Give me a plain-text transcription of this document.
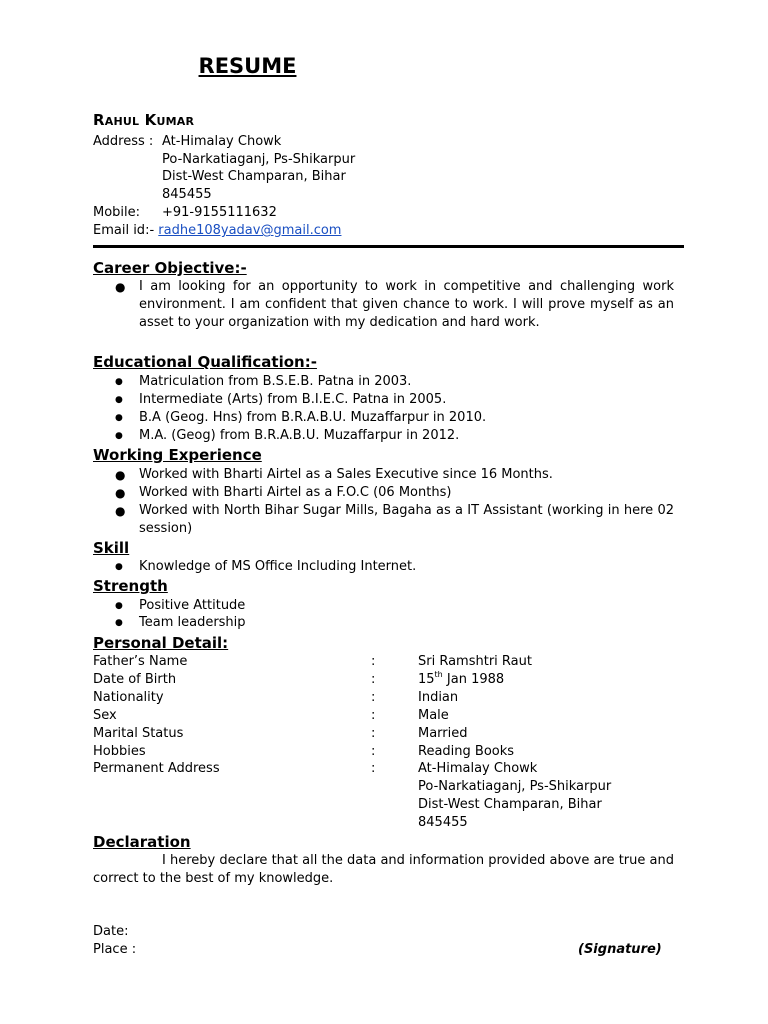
RESUME
Rahul Kumar
Address : At-Himalay Chowk
Po-Narkatiaganj, Ps-Shikarpur
Dist-West Champaran, Bihar
845455
Mobile: +91-9155111632
Email id:- radhe108yadav@gmail.com
Career Objective:-
● I am looking for an opportunity to work in competitive and challenging work environment. I am confident that given chance to work. I will prove myself as an asset to your organization with my dedication and hard work.
Educational Qualification:-
● Matriculation from B.S.E.B. Patna in 2003.
● Intermediate (Arts) from B.I.E.C. Patna in 2005.
● B.A (Geog. Hns) from B.R.A.B.U. Muzaffarpur in 2010.
● M.A. (Geog) from B.R.A.B.U. Muzaffarpur in 2012.
Working Experience
● Worked with Bharti Airtel as a Sales Executive since 16 Months.
● Worked with Bharti Airtel as a F.O.C (06 Months)
● Worked with North Bihar Sugar Mills, Bagaha as a IT Assistant (working in here 02 session)
Skill
● Knowledge of MS Office Including Internet.
Strength
● Positive Attitude
● Team leadership
Personal Detail:
Father’s Name	:	Sri Ramshtri Raut
Date of Birth	:	15th Jan 1988
Nationality	:	Indian
Sex	:	Male
Marital Status	:	Married
Hobbies	:	Reading Books
Permanent Address	:	At-Himalay Chowk
Po-Narkatiaganj, Ps-Shikarpur
Dist-West Champaran, Bihar
845455
Declaration
I hereby declare that all the data and information provided above are true and correct to the best of my knowledge.
Date:
Place :	(Signature)
